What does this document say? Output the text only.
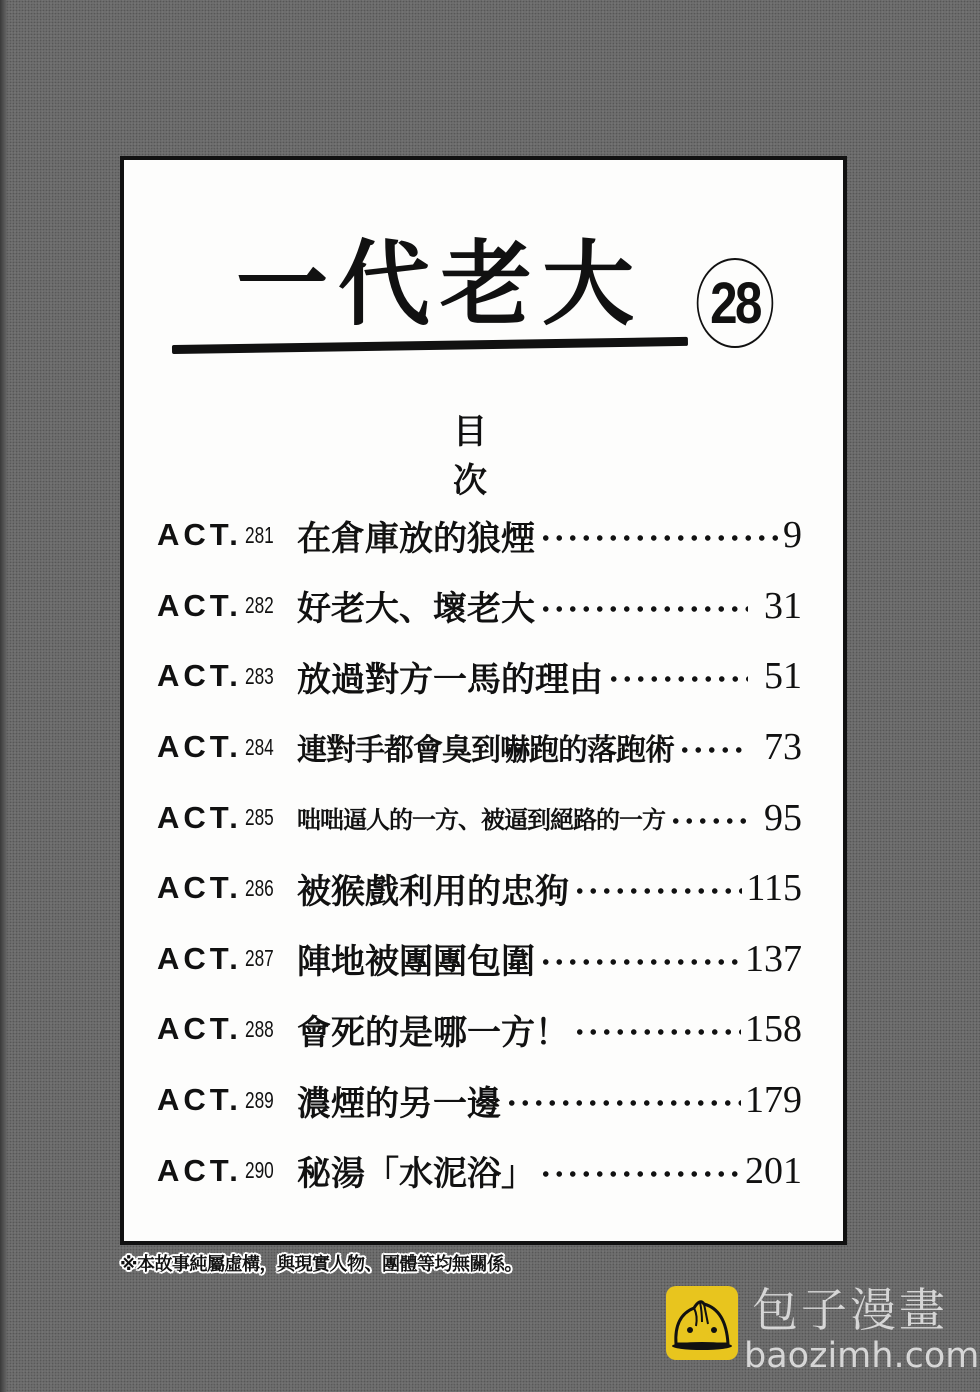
一代老大 28
目次
ACT. 281 在倉庫放的狼煙	9
ACT. 282 好老大、壞老大	31
ACT. 283 放過對方一馬的理由	51
ACT. 284 連對手都會臭到嚇跑的落跑術	73
ACT. 285 咄咄逼人的一方、被逼到絕路的一方	95
ACT. 286 被猴戲利用的忠狗	115
ACT. 287 陣地被團團包圍	137
ACT. 288 會死的是哪一方！	158
ACT. 289 濃煙的另一邊	179
ACT. 290 秘湯「水泥浴」	201
※本故事純屬虛構，與現實人物、團體等均無關係。
包子漫畫
baozimh.com
